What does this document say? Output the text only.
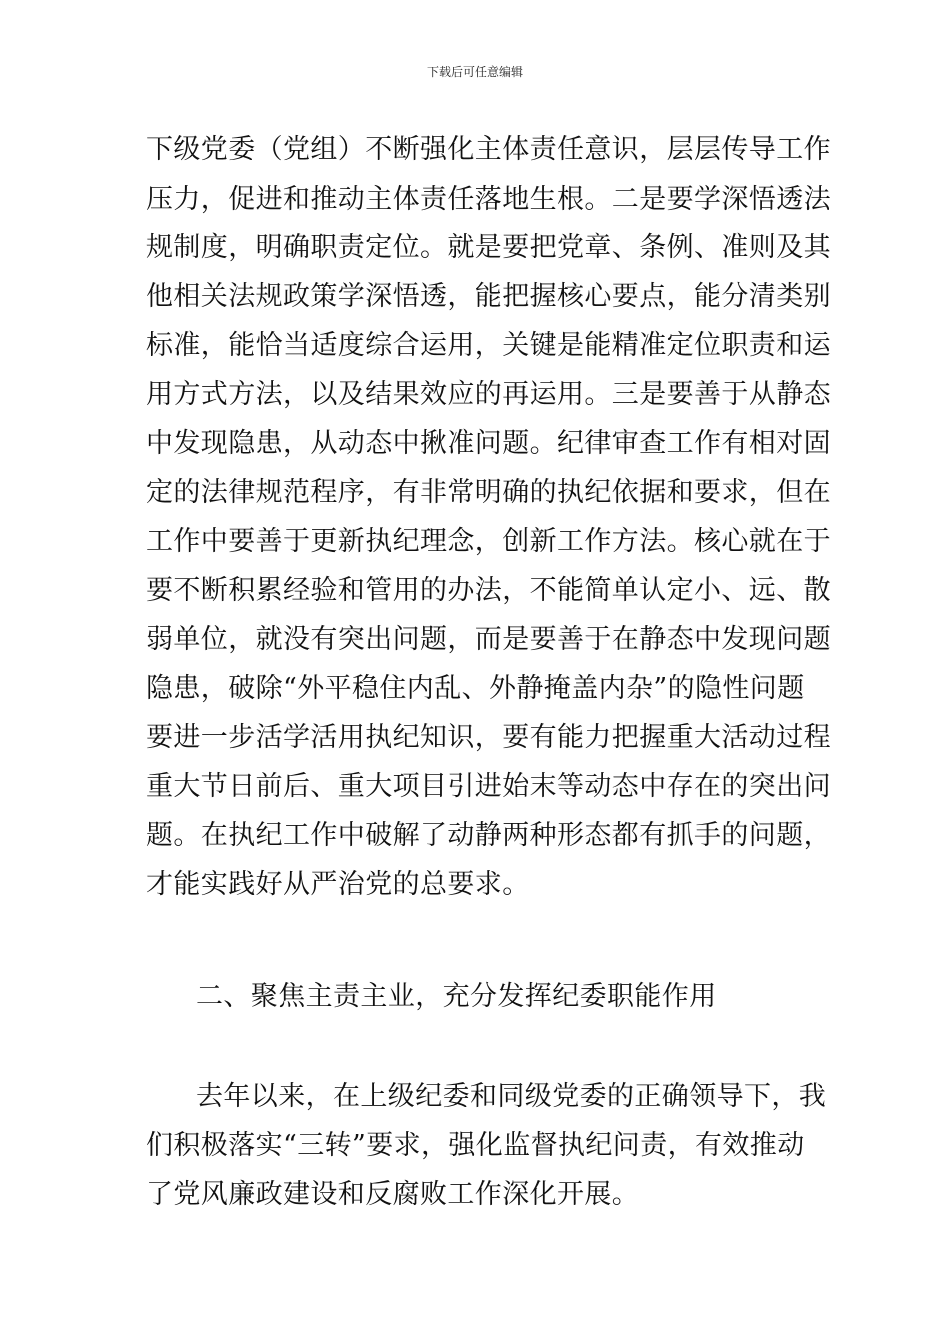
下载后可任意编辑
下级党委（党组）不断强化主体责任意识，层层传导工作
压力，促进和推动主体责任落地生根。二是要学深悟透法
规制度，明确职责定位。就是要把党章、条例、准则及其
他相关法规政策学深悟透，能把握核心要点，能分清类别
标准，能恰当适度综合运用，关键是能精准定位职责和运
用方式方法，以及结果效应的再运用。三是要善于从静态
中发现隐患，从动态中揪准问题。纪律审查工作有相对固
定的法律规范程序，有非常明确的执纪依据和要求，但在
工作中要善于更新执纪理念，创新工作方法。核心就在于
要不断积累经验和管用的办法，不能简单认定小、远、散
弱单位，就没有突出问题，而是要善于在静态中发现问题
隐患，破除“外平稳住内乱、外静掩盖内杂”的隐性问题
要进一步活学活用执纪知识，要有能力把握重大活动过程
重大节日前后、重大项目引进始末等动态中存在的突出问
题。在执纪工作中破解了动静两种形态都有抓手的问题，
才能实践好从严治党的总要求。
二、聚焦主责主业，充分发挥纪委职能作用
去年以来，在上级纪委和同级党委的正确领导下，我
们积极落实“三转”要求，强化监督执纪问责，有效推动
了党风廉政建设和反腐败工作深化开展。
